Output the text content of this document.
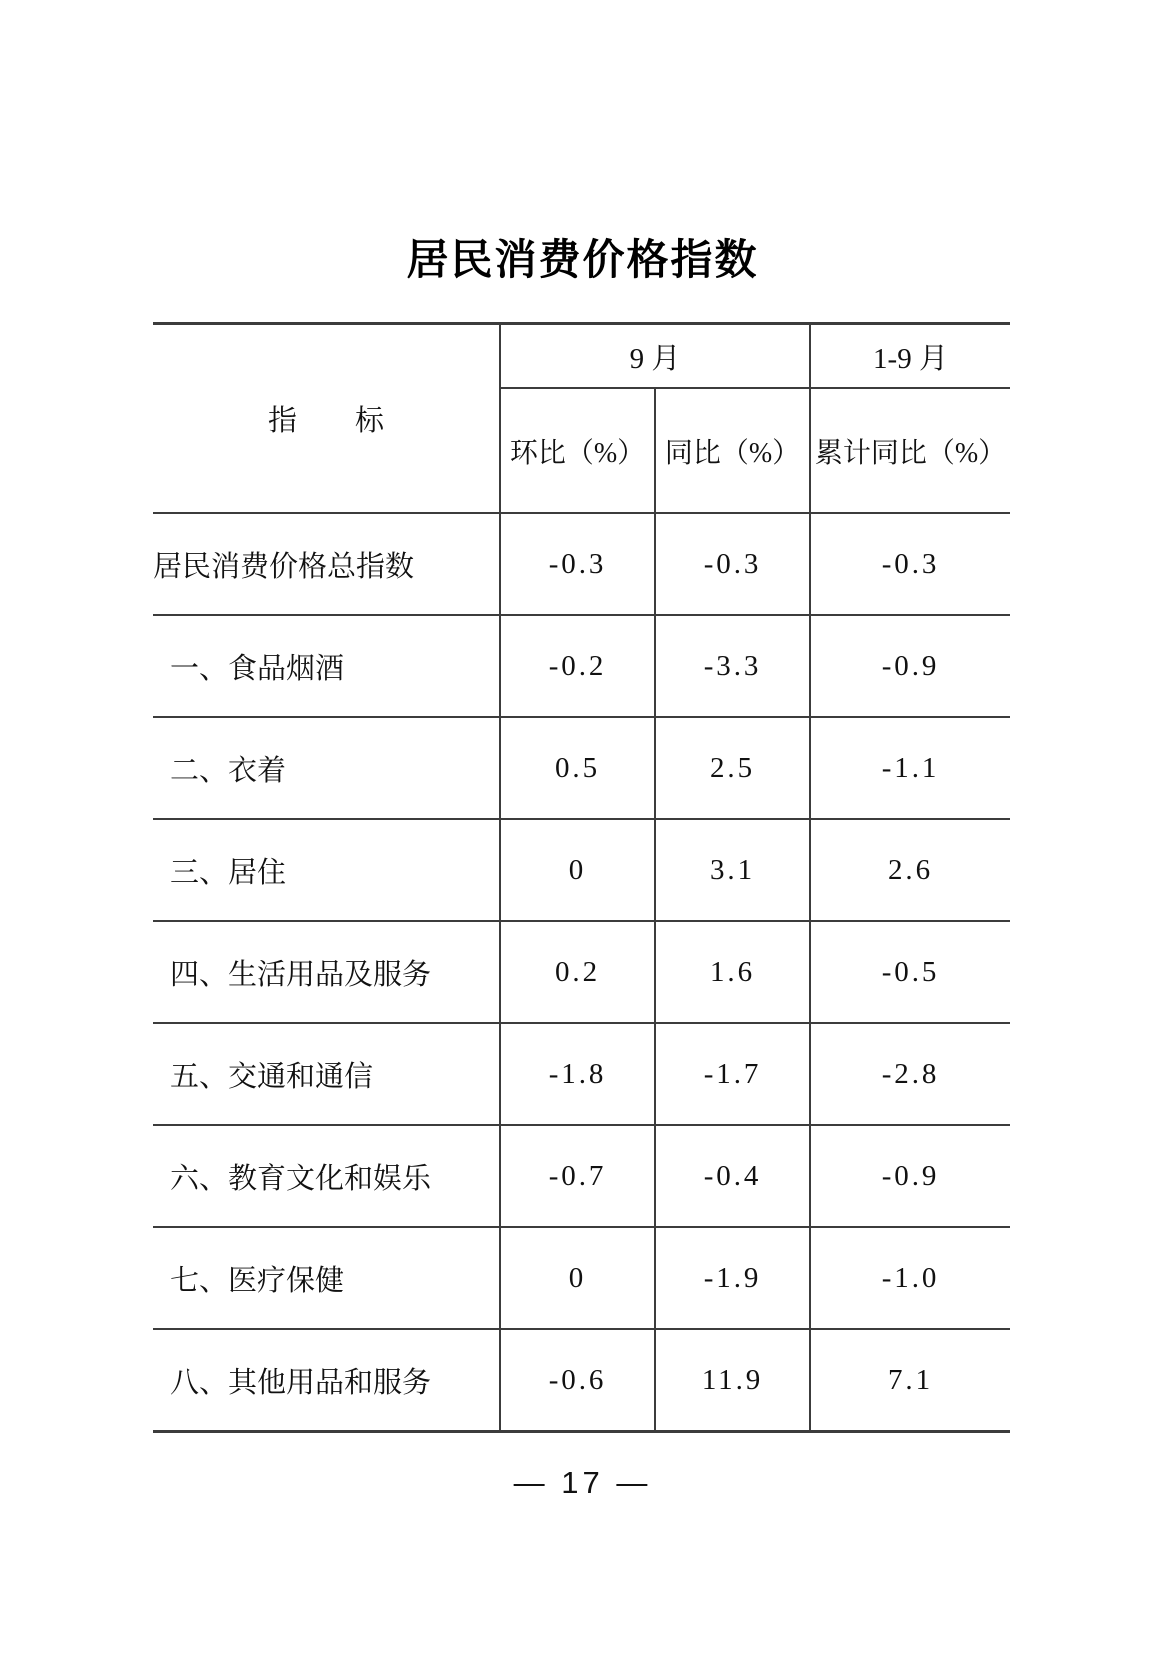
居民消费价格指数
指　　标	9 月		1-9 月
	环比（%）	同比（%）	累计同比（%）
居民消费价格总指数	-0.3	-0.3	-0.3
一、食品烟酒	-0.2	-3.3	-0.9
二、衣着	0.5	2.5	-1.1
三、居住	0	3.1	2.6
四、生活用品及服务	0.2	1.6	-0.5
五、交通和通信	-1.8	-1.7	-2.8
六、教育文化和娱乐	-0.7	-0.4	-0.9
七、医疗保健	0	-1.9	-1.0
八、其他用品和服务	-0.6	11.9	7.1
— 17 —
